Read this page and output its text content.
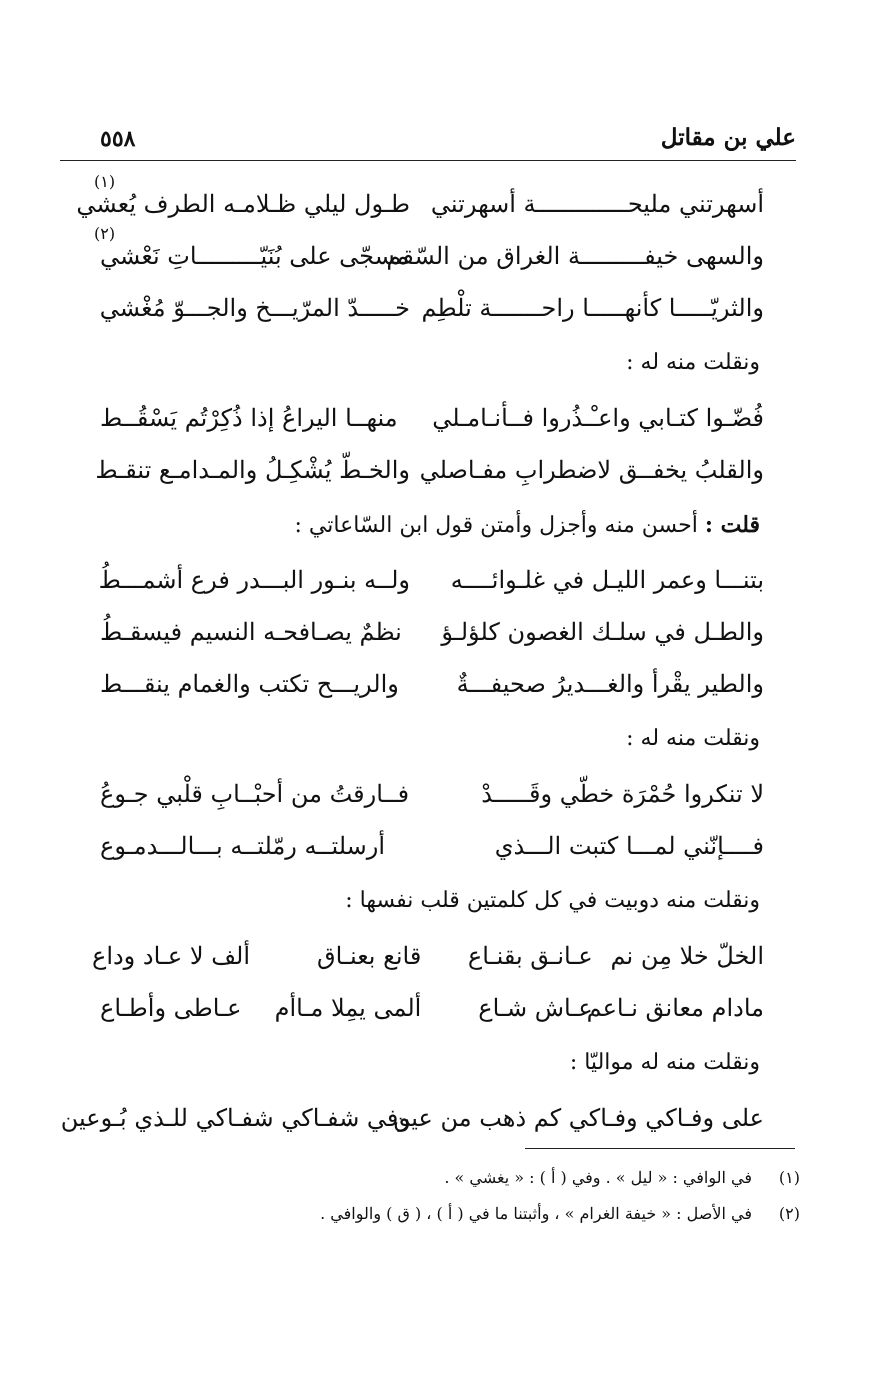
علي بن مقاتل
٥٥٨
أسهرتني مليحـــــــــــــة أسهرتني
طـول ليلي ظـلامـه الطرف يُعشي
(١)
والسهى خيفـــــــــة الغراق من السّقم
مسجّى على بُنَيّـــــــــاتِ نَعْشي
(٢)
والثريّـــــا كأنهـــــا راحـــــــة تلْطِم
خـــــدّ المرّيـــخ والجـــوّ مُغْشي
ونقلت منه له :
فُضّـوا كتـابي واعـْـذُروا فــأنـامـلي
منهــا اليراعُ إذا ذُكِرْتُم يَسْقُــط
والقلبُ يخفــق لاضطرابِ مفـاصلي
والخـطّ يُشْكِـلُ والمـدامـع تنقـط
قلت : أحسن منه وأجزل وأمتن قول ابن السّاعاتي :
بتنـــا وعمر الليـل في غلـوائــــه
ولــه بنـور البـــدر فرع أشمـــطُ
والطـل في سلـك الغصون كلؤلـؤ
نظمٌ يصـافحـه النسيم فيسقـطُ
والطير يقْرأ والغـــديرُ صحيفـــةٌ
والريـــح تكتب والغمام ينقـــط
ونقلت منه له :
لا تنكروا حُمْرَة خطّي وقَـــــدْ
فــارقتُ من أحبْــابِ قلْبي جـوعُ
فــــإنّني لمـــا كتبت الـــذي
أرسلتــه رمّلتــه بـــالـــدمـوع
ونقلت منه دوبيت في كل كلمتين قلب نفسها :
الخلّ خلا مِن نم
عـانـق بقنـاع
قانع بعنـاق
ألف لا عـاد وداع
مادام معانق نـاعم
عـاش شـاع
ألمى يمِلا مـاأم
عـاطى وأطـاع
ونقلت منه له مواليّا :
على وفـاكي وفـاكي كم ذهب من عين
وفي شفـاكي شفـاكي للـذي بُـوعين
(١)
في الوافي : « ليل » . وفي ( أ ) : « يغشي » .
(٢)
في الأصل : « خيفة الغرام » ، وأثبتنا ما في ( أ ) ، ( ق ) والوافي .
